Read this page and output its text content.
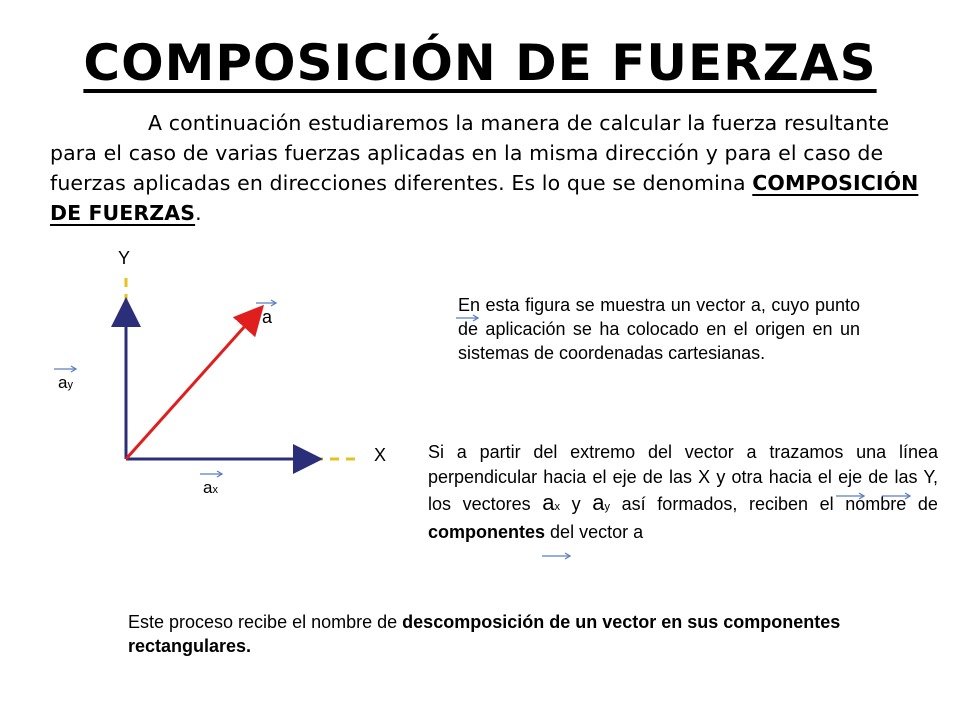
COMPOSICIÓN DE FUERZAS
A continuación estudiaremos la manera de calcular la fuerza resultante para el caso de varias fuerzas aplicadas en la misma dirección y para el caso de fuerzas aplicadas en direcciones diferentes. Es lo que se denomina COMPOSICIÓN DE FUERZAS.
Y
X
a
ay
ax
En esta figura se muestra un vector a, cuyo punto de aplicación se ha colocado en el origen en un sistemas de coordenadas cartesianas.
Si a partir del extremo del vector a trazamos una línea perpendicular hacia el eje de las X y otra hacia el eje de las Y, los vectores ax y ay así formados, reciben el nombre de componentes del vector a
Este proceso recibe el nombre de descomposición de un vector en sus componentes rectangulares.
